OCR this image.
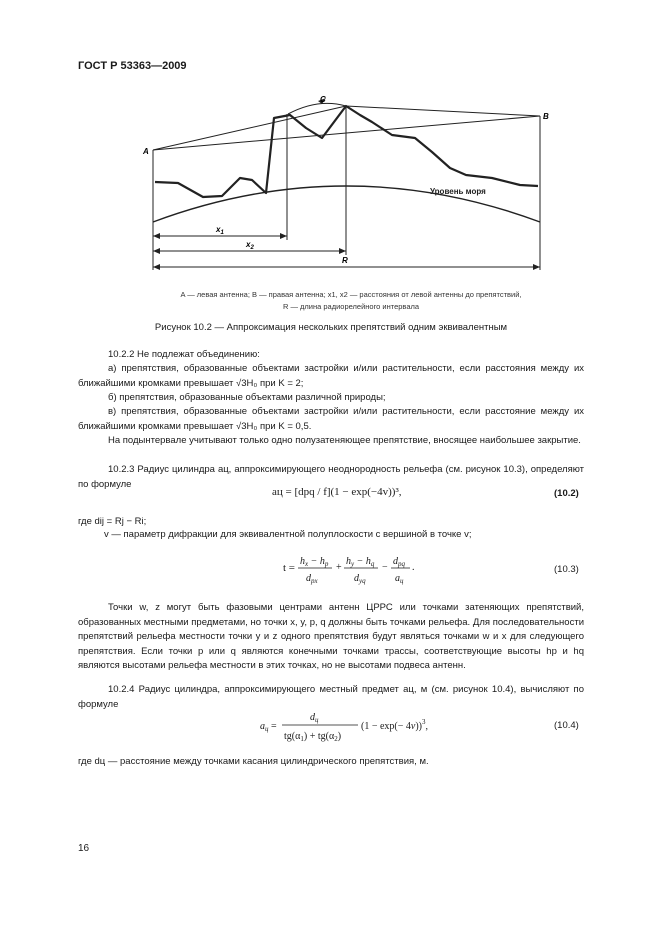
ГОСТ Р 53363—2009
A
B
C
$x_1$
$x_2$
R
Уровень моря
A — левая антенна; B — правая антенна; x1, x2 — расстояния от левой антенны до препятствий,
R — длина радиорелейного интервала
Рисунок 10.2 — Аппроксимация нескольких препятствий одним эквивалентным
10.2.2 Не подлежат объединению:
а) препятствия, образованные объектами застройки и/или растительности, если расстояния между их ближайшими кромками превышает √3H₀ при K = 2;
б) препятствия, образованные объектами различной природы;
в) препятствия, образованные объектами застройки и/или растительности, если расстояние между их ближайшими кромками превышает √3H₀ при K = 0,5.
На подынтервале учитывают только одно полузатеняющее препятствие, вносящее наибольшее закрытие.
10.2.3 Радиус цилиндра aц, аппроксимирующего неоднородность рельефа (см. рисунок 10.3), определяют по формуле
aц = [dpq / f](1 − exp(−4v))³,	(10.2)
где dij = Rj − Ri;
v — параметр дифракции для эквивалентной полуплоскости с вершиной в точке v;
t =
$h_x - h_p$
$d_{px}$
+
$h_y - h_q$
$d_{yq}$
−
$d_{pq}$
$a_ц$
.	(10.3)
Точки w, z могут быть фазовыми центрами антенн ЦРРС или точками затеняющих препятствий, образованных местными предметами, но точки x, y, p, q должны быть точками рельефа. Для последовательности препятствий рельефа местности точки y и z одного препятствия будут являться точками w и x для следующего препятствия. Если точки p или q являются конечными точками трассы, соответствующие высоты hp и hq являются высотами рельефа местности в этих точках, но не высотами подвеса антенн.
10.2.4 Радиус цилиндра, аппроксимирующего местный предмет aц, м (см. рисунок 10.4), вычисляют по формуле
$a_ц$ =
$d_ц$
$tg(\alpha_1) + tg(\alpha_2)$
$(1 - \exp(- 4v))^3$,	(10.4)
где dц — расстояние между точками касания цилиндрического препятствия, м.
16
